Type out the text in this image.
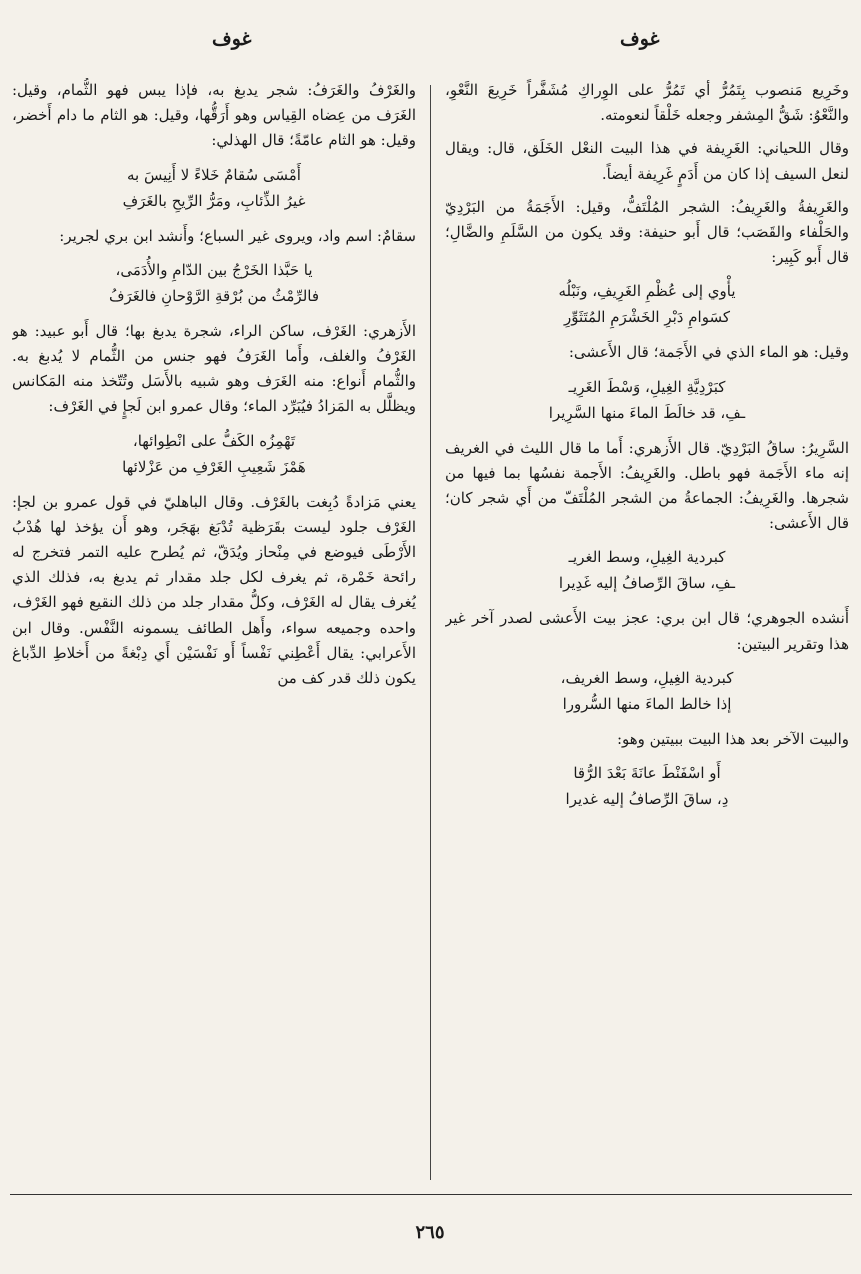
غوف
غوف

وخَرِيع مَنصوب بِتَمُرُّ أي تَمُرُّ على الوِراكِ مُشَفَّراً خَرِيعَ النَّعْوِ، والنَّعْوُ: شَقُّ المِشفر وجعله خَلْقاً لنعومته.

وقال اللحياني: الغَرِيفة في هذا البيت النعْل الخَلَق، قال: ويقال لنعل السيف إذا كان من أَدَمٍ غَرِيفة أيضاً.

والغَرِيفةُ والغَرِيفُ: الشجر المُلْتَفُّ، وقيل: الأَجَمَةُ من البَرْدِيّ والحَلْفاء والقَصَب؛ قال أَبو حنيفة: وقد يكون من السَّلَمِ والضَّالِ؛ قال أَبو كَبِير:

يأْوي إلى عُظْمِ الغَرِيفِ، ونَبْلُه
كسَوامِ دَبْرِ الخَشْرَمِ المُتَثَوِّرِ

وقيل: هو الماء الذي في الأَجَمة؛ قال الأَعشى:

كبَرْدِيَّةِ الغِيلِ، وَسْطَ الغَرِيـ
ـفِ، قد خالَطَ الماءَ منها السَّرِيرا

السَّرِيرُ: ساقُ البَرْدِيّ. قال الأَزهري: أَما ما قال الليث في الغريف إنه ماء الأَجَمة فهو باطل. والغَرِيفُ: الأَجمة نفسُها بما فيها من شجرها. والغَرِيفُ: الجماعةُ من الشجر المُلْتَفّ من أَي شجر كان؛ قال الأَعشى:

كبردية الغِيلِ، وسط الغريـ
ـفِ، ساقَ الرِّصافُ إليه غَدِيرا

أَنشده الجوهري؛ قال ابن بري: عجز بيت الأَعشى لصدر آخر غير هذا وتقرير البيتين:

كبردية الغِيلِ، وسط الغريف،
إذا خالط الماءَ منها السُّرورا

والبيت الآخر بعد هذا البيت ببيتين وهو:

أَو اسْفَنْطَ عانَةَ بَعْدَ الرُّقا
دِ، ساقَ الرِّصافُ إليه غديرا

والغَرْفُ والغَرَفُ: شجر يدبغ به، فإذا يبس فهو الثُّمام، وقيل: الغَرَف من عِضاه القِياس وهو أَرَقُّها، وقيل: هو الثام ما دام أَخضر، وقيل: هو الثام عامّةً؛ قال الهذلي:

أَمْسَى سُقامٌ خَلاءً لا أَنِيسَ به
غيرُ الذِّئابِ، ومَرُّ الرِّيحِ بالغَرَفِ

سقامٌ: اسم واد، ويروى غير السباع؛ وأَنشد ابن بري لجرير:

يا حَبَّذا الخَرْجُ بين الدّامِ والأُدَمَى،
فالرِّمْثُ من بُرْقةِ الرَّوْحانِ فالغَرَفُ

الأَزهري: الغَرْف، ساكن الراء، شجرة يدبغ بها؛ قال أَبو عبيد: هو الغَرْفُ والغلف، وأَما الغَرَفُ فهو جنس من الثُّمام لا يُدبغ به. والثُّمام أَنواع: منه الغَرَف وهو شبيه بالأَسَل وتُتّخذ منه المَكانس ويظلَّل به المَزادُ فيُبَرِّد الماء؛ وقال عمرو ابن لَجإٍ في الغَرْف:

تَهْمِزُه الكَفُّ على انْطِوائها،
هَمْزَ شَعِيبِ الغَرْفِ من عَزْلائها

يعني مَزادةً دُبِغت بالغَرْف. وقال الباهليّ في قول عمرو بن لجإ: الغَرْف جلود ليست بقَرَظية تُدْبَغ بهَجَر، وهو أَن يؤخذ لها هُدْبُ الأَرْطَى فيوضع في مِنْحاز ويُدَقّ، ثم يُطرح عليه التمر فتخرج له رائحة خَمْرة، ثم يغرف لكل جلد مقدار ثم يدبغ به، فذلك الذي يُغرف يقال له الغَرْف، وكلُّ مقدار جلد من ذلك النقيع فهو الغَرْف، واحده وجميعه سواء، وأَهل الطائف يسمونه النَّفْس. وقال ابن الأَعرابي: يقال أَعْطِني نَفْساً أَو نَفْسَيْن أَي دِبْغةً من أَخلاطِ الدِّباغ يكون ذلك قدر كف من

٢٦٥
